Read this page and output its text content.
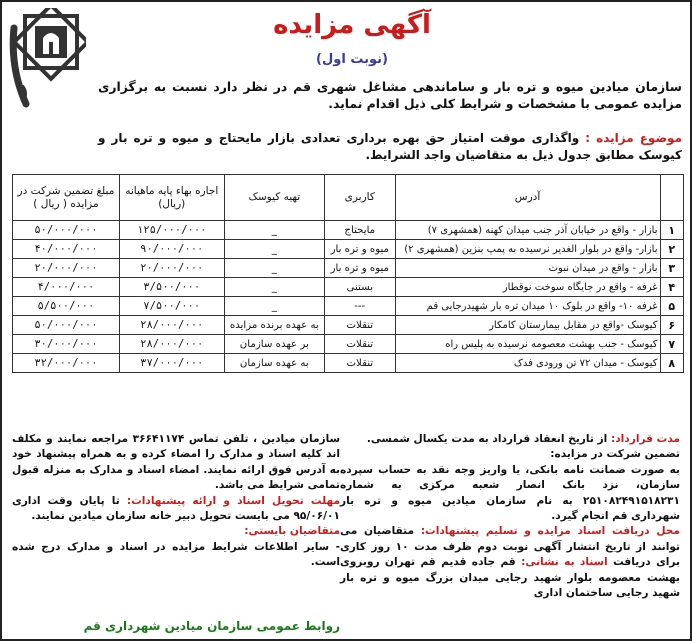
آگهی مزایده (نوبت اول)
سازمان میادین میوه و تره بار و ساماندهی مشاغل شهری قم در نظر دارد نسبت به برگزاری مزایده عمومی با مشخصات و شرایط کلی ذیل اقدام نماید.
موضوع مزایده : واگذاری موقت امتیاز حق بهره برداری تعدادی بازار مایحتاج و میوه و تره بار و کیوسک مطابق جدول ذیل به متقاضیان واجد الشرایط.
	آدرس	کاربری	تهیه کیوسک	اجاره بهاء پایه ماهیانه (ریال)	مبلغ تضمین شرکت در مزایده ( ریال )
۱	بازار - واقع در خیابان آذر جنب میدان کهنه (همشهری ۷)	مایحتاج	_	۱۲۵/۰۰۰/۰۰۰	۵۰/۰۰۰/۰۰۰
۲	بازار- واقع در بلوار الغدیر نرسیده به پمپ بنزین (همشهری ۲)	میوه و تره بار	_	۹۰/۰۰۰/۰۰۰	۴۰/۰۰۰/۰۰۰
۳	بازار - واقع در میدان نبوت	میوه و تره بار	_	۲۰/۰۰۰/۰۰۰	۲۰/۰۰۰/۰۰۰
۴	غرفه - واقع در جایگاه سوخت نوقطار	بستنی	_	۳/۵۰۰/۰۰۰	۴/۰۰۰/۰۰۰
۵	غرفه ۱۰- واقع در بلوک ۱۰ میدان تره بار شهیدرجایی قم	---	_	۷/۵۰۰/۰۰۰	۵/۵۰۰/۰۰۰
۶	کیوسک -واقع در مقابل بیمارستان کامکار	تنقلات	به عهده برنده مزایده	۲۸/۰۰۰/۰۰۰	۵۰/۰۰۰/۰۰۰
۷	کیوسک - جنب بهشت معصومه نرسیده به پلیس راه	تنقلات	بر عهده سازمان	۲۸/۰۰۰/۰۰۰	۳۰/۰۰۰/۰۰۰
۸	کیوسک - میدان ۷۲ تن ورودی فدک	تنقلات	به عهده سازمان	۳۷/۰۰۰/۰۰۰	۳۲/۰۰۰/۰۰۰
مدت قرارداد: از تاریخ انعقاد قرارداد به مدت یکسال شمسی.
تضمین شرکت در مزایده:
به صورت ضمانت نامه بانکی، یا واریز وجه نقد به حساب سپرده سازمان، نزد بانک انصار شعبه مرکزی به شماره ۲۵۱۰۸۲۴۹۱۵۱۸۲۳۱ به نام سازمان میادین میوه و تره بار شهرداری قم انجام گیرد.
محل دریافت اسناد مزایده و تسلیم پیشنهادات: متقاضیان می توانند از تاریخ انتشار آگهی نوبت دوم ظرف مدت ۱۰ روز کاری برای دریافت اسناد به نشانی: قم جاده قدیم قم تهران روبروی بهشت معصومه بلوار شهید رجایی میدان بزرگ میوه و تره بار شهید رجایی ساختمان اداری
سازمان میادین ، تلفن تماس ۳۶۶۴۱۱۷۴ مراجعه نمایند و مکلف اند کلیه اسناد و مدارک را امضاء کرده و به همراه پیشنهاد خود به آدرس فوق ارائه نمایند. امضاء اسناد و مدارک به منزله قبول تمامی شرایط می باشد.
مهلت تحویل اسناد و ارائه پیشنهادات: تا پایان وقت اداری ۹۵/۰۶/۰۱ می بایست تحویل دبیر خانه سازمان میادین نمایند.
متقاضیان بایستی:
- سایر اطلاعات شرایط مزایده در اسناد و مدارک درج شده است.
روابط عمومی سازمان میادین شهرداری قم
